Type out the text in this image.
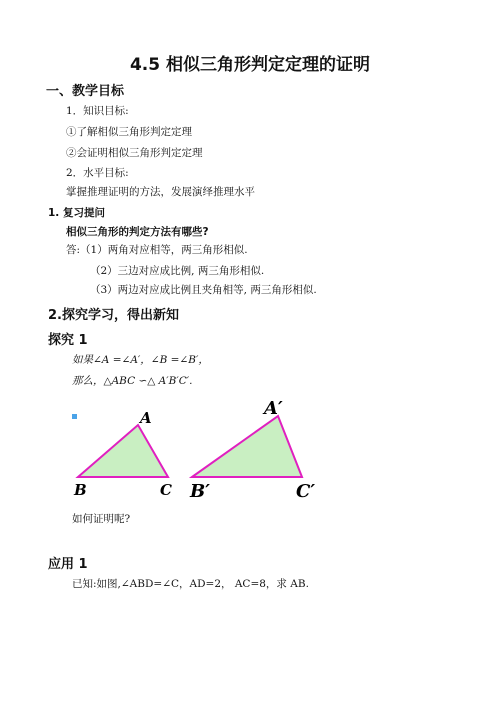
4.5 相似三角形判定定理的证明
一、教学目标
1．知识目标:
①了解相似三角形判定定理
②会证明相似三角形判定定理
2．水平目标:
掌握推理证明的方法，发展演绎推理水平
1. 复习提问
相似三角形的判定方法有哪些?
答:（1）两角对应相等，两三角形相似.
（2）三边对应成比例, 两三角形相似.
（3）两边对应成比例且夹角相等, 两三角形相似.
2.探究学习，得出新知
探究 1
如果∠A =∠A′，∠B =∠B′，
那么，△ABC ∽△ A′B′C′.
A
B	C
A′
B′	C′
如何证明呢?
应用 1
已知:如图,∠ABD=∠C，AD=2， AC=8，求 AB.
